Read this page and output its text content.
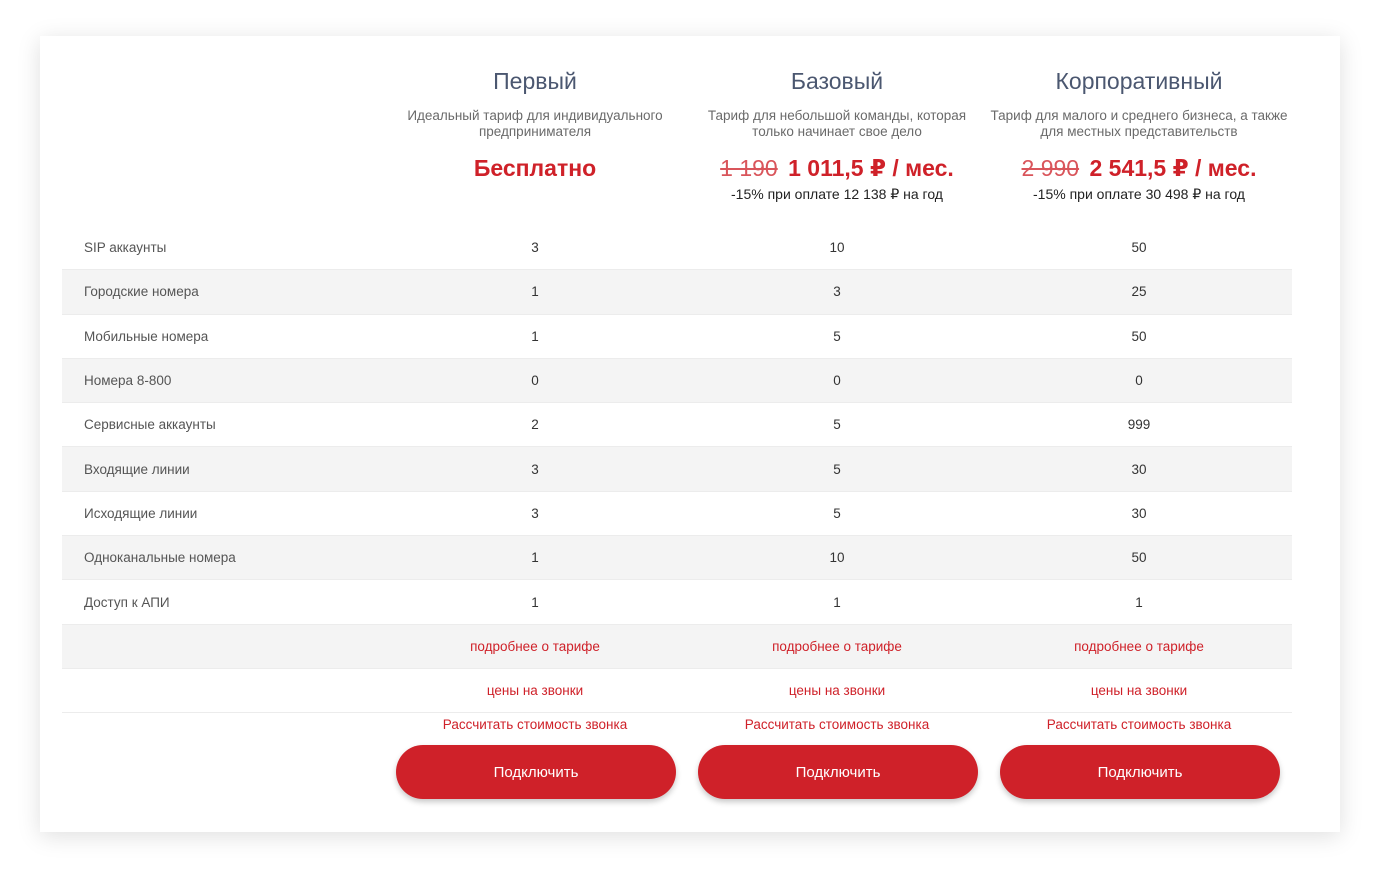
Первый
Идеальный тариф для индивидуального предпринимателя
Бесплатно
Базовый
Тариф для небольшой команды, которая только начинает свое дело
1 190 1 011,5 ₽ / мес.
-15% при оплате 12 138 ₽ на год
Корпоративный
Тариф для малого и среднего бизнеса, а также для местных представительств
2 990 2 541,5 ₽ / мес.
-15% при оплате 30 498 ₽ на год
SIP аккаунты	3	10	50
Городские номера	1	3	25
Мобильные номера	1	5	50
Номера 8-800	0	0	0
Сервисные аккаунты	2	5	999
Входящие линии	3	5	30
Исходящие линии	3	5	30
Одноканальные номера	1	10	50
Доступ к АПИ	1	1	1
подробнее о тарифе	подробнее о тарифе	подробнее о тарифе
цены на звонки	цены на звонки	цены на звонки
Рассчитать стоимость звонка	Рассчитать стоимость звонка	Рассчитать стоимость звонка
Подключить	Подключить	Подключить
